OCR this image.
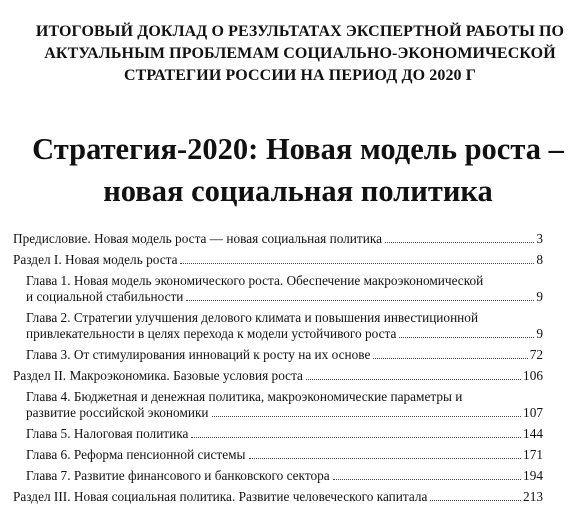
ИТОГОВЫЙ ДОКЛАД О РЕЗУЛЬТАТАХ ЭКСПЕРТНОЙ РАБОТЫ ПО
АКТУАЛЬНЫМ ПРОБЛЕМАМ СОЦИАЛЬНО-ЭКОНОМИЧЕСКОЙ
СТРАТЕГИИ РОССИИ НА ПЕРИОД ДО 2020 Г
Стратегия-2020: Новая модель роста –
новая социальная политика
Предисловие. Новая модель роста — новая социальная политика	3
Раздел I. Новая модель роста	8
Глава 1. Новая модель экономического роста. Обеспечение макроэкономической
и социальной стабильности	9
Глава 2. Стратегии улучшения делового климата и повышения инвестиционной
привлекательности в целях перехода к модели устойчивого роста	9
Глава 3. От стимулирования инноваций к росту на их основе	72
Раздел II. Макроэкономика. Базовые условия роста	106
Глава 4. Бюджетная и денежная политика, макроэкономические параметры и
развитие российской экономики	107
Глава 5. Налоговая политика	144
Глава 6. Реформа пенсионной системы	171
Глава 7. Развитие финансового и банковского сектора	194
Раздел III. Новая социальная политика. Развитие человеческого капитала	213
